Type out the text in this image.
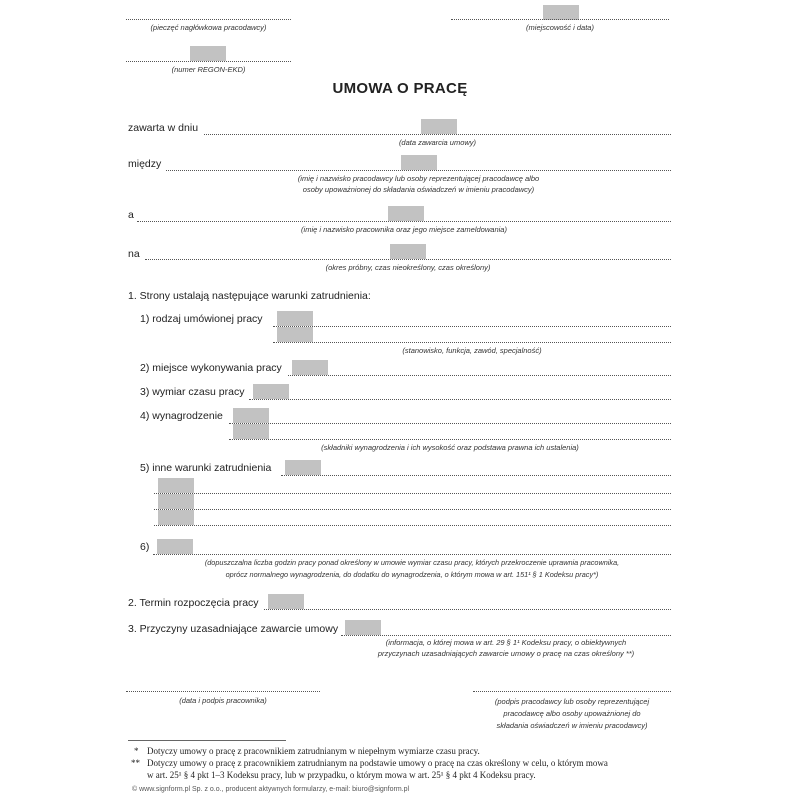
(pieczęć nagłówkowa pracodawcy)	(miejscowość i data)
(numer REGON-EKD)
UMOWA O PRACĘ
zawarta w dniu
(data zawarcia umowy)
między
(imię i nazwisko pracodawcy lub osoby reprezentującej pracodawcę albo
osoby upoważnionej do składania oświadczeń w imieniu pracodawcy)
a
(imię i nazwisko pracownika oraz jego miejsce zameldowania)
na
(okres próbny, czas nieokreślony, czas określony)
1. Strony ustalają następujące warunki zatrudnienia:
1) rodzaj umówionej pracy
(stanowisko, funkcja, zawód, specjalność)
2) miejsce wykonywania pracy
3) wymiar czasu pracy
4) wynagrodzenie
(składniki wynagrodzenia i ich wysokość oraz podstawa prawna ich ustalenia)
5) inne warunki zatrudnienia
6)
(dopuszczalna liczba godzin pracy ponad określony w umowie wymiar czasu pracy, których przekroczenie uprawnia pracownika,
oprócz normalnego wynagrodzenia, do dodatku do wynagrodzenia, o którym mowa w art. 151¹ § 1 Kodeksu pracy*)
2. Termin rozpoczęcia pracy
3. Przyczyny uzasadniające zawarcie umowy
(informacja, o której mowa w art. 29 § 1¹ Kodeksu pracy, o obiektywnych
przyczynach uzasadniających zawarcie umowy o pracę na czas określony **)
(data i podpis pracownika)	(podpis pracodawcy lub osoby reprezentującej
pracodawcę albo osoby upoważnionej do
składania oświadczeń w imieniu pracodawcy)
* Dotyczy umowy o pracę z pracownikiem zatrudnianym w niepełnym wymiarze czasu pracy.
** Dotyczy umowy o pracę z pracownikiem zatrudnianym na podstawie umowy o pracę na czas określony w celu, o którym mowa
w art. 25¹ § 4 pkt 1–3 Kodeksu pracy, lub w przypadku, o którym mowa w art. 25¹ § 4 pkt 4 Kodeksu pracy.
© www.signform.pl Sp. z o.o., producent aktywnych formularzy, e-mail: biuro@signform.pl
